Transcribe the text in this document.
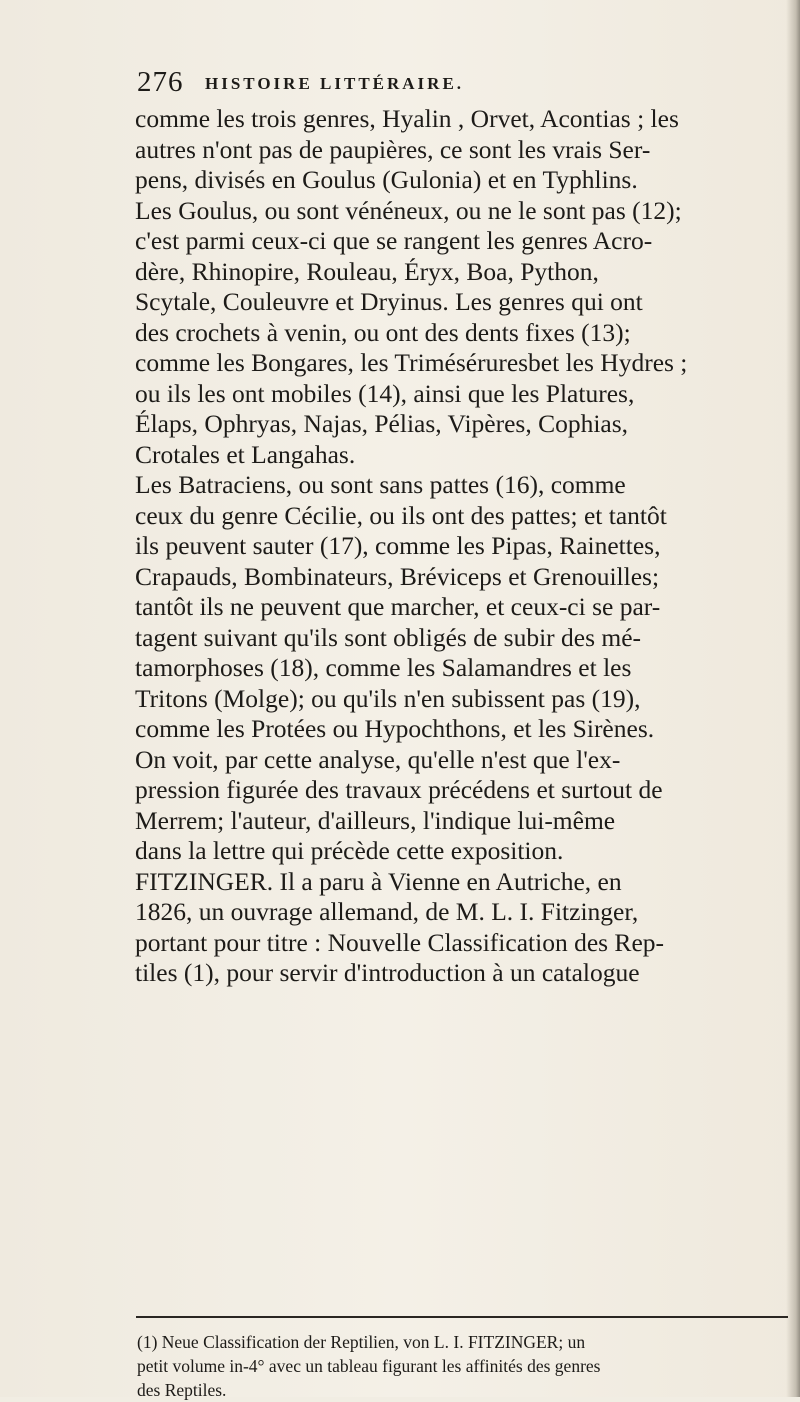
276 HISTOIRE LITTÉRAIRE.
comme les trois genres, Hyalin , Orvet, Acontias ; les
autres n'ont pas de paupières, ce sont les vrais Ser-
pens, divisés en Goulus (Gulonia) et en Typhlins.
Les Goulus, ou sont vénéneux, ou ne le sont pas (12);
c'est parmi ceux-ci que se rangent les genres Acro-
dère, Rhinopire, Rouleau, Éryx, Boa, Python,
Scytale, Couleuvre et Dryinus. Les genres qui ont
des crochets à venin, ou ont des dents fixes (13);
comme les Bongares, les Triméséruresbet les Hydres ;
ou ils les ont mobiles (14), ainsi que les Platures,
Élaps, Ophryas, Najas, Pélias, Vipères, Cophias,
Crotales et Langahas.
Les Batraciens, ou sont sans pattes (16), comme
ceux du genre Cécilie, ou ils ont des pattes; et tantôt
ils peuvent sauter (17), comme les Pipas, Rainettes,
Crapauds, Bombinateurs, Bréviceps et Grenouilles;
tantôt ils ne peuvent que marcher, et ceux-ci se par-
tagent suivant qu'ils sont obligés de subir des mé-
tamorphoses (18), comme les Salamandres et les
Tritons (Molge); ou qu'ils n'en subissent pas (19),
comme les Protées ou Hypochthons, et les Sirènes.
On voit, par cette analyse, qu'elle n'est que l'ex-
pression figurée des travaux précédens et surtout de
Merrem; l'auteur, d'ailleurs, l'indique lui-même
dans la lettre qui précède cette exposition.
FITZINGER. Il a paru à Vienne en Autriche, en
1826, un ouvrage allemand, de M. L. I. Fitzinger,
portant pour titre : Nouvelle Classification des Rep-
tiles (1), pour servir d'introduction à un catalogue
(1) Neue Classification der Reptilien, von L. I. FITZINGER; un
petit volume in-4° avec un tableau figurant les affinités des genres
des Reptiles.
